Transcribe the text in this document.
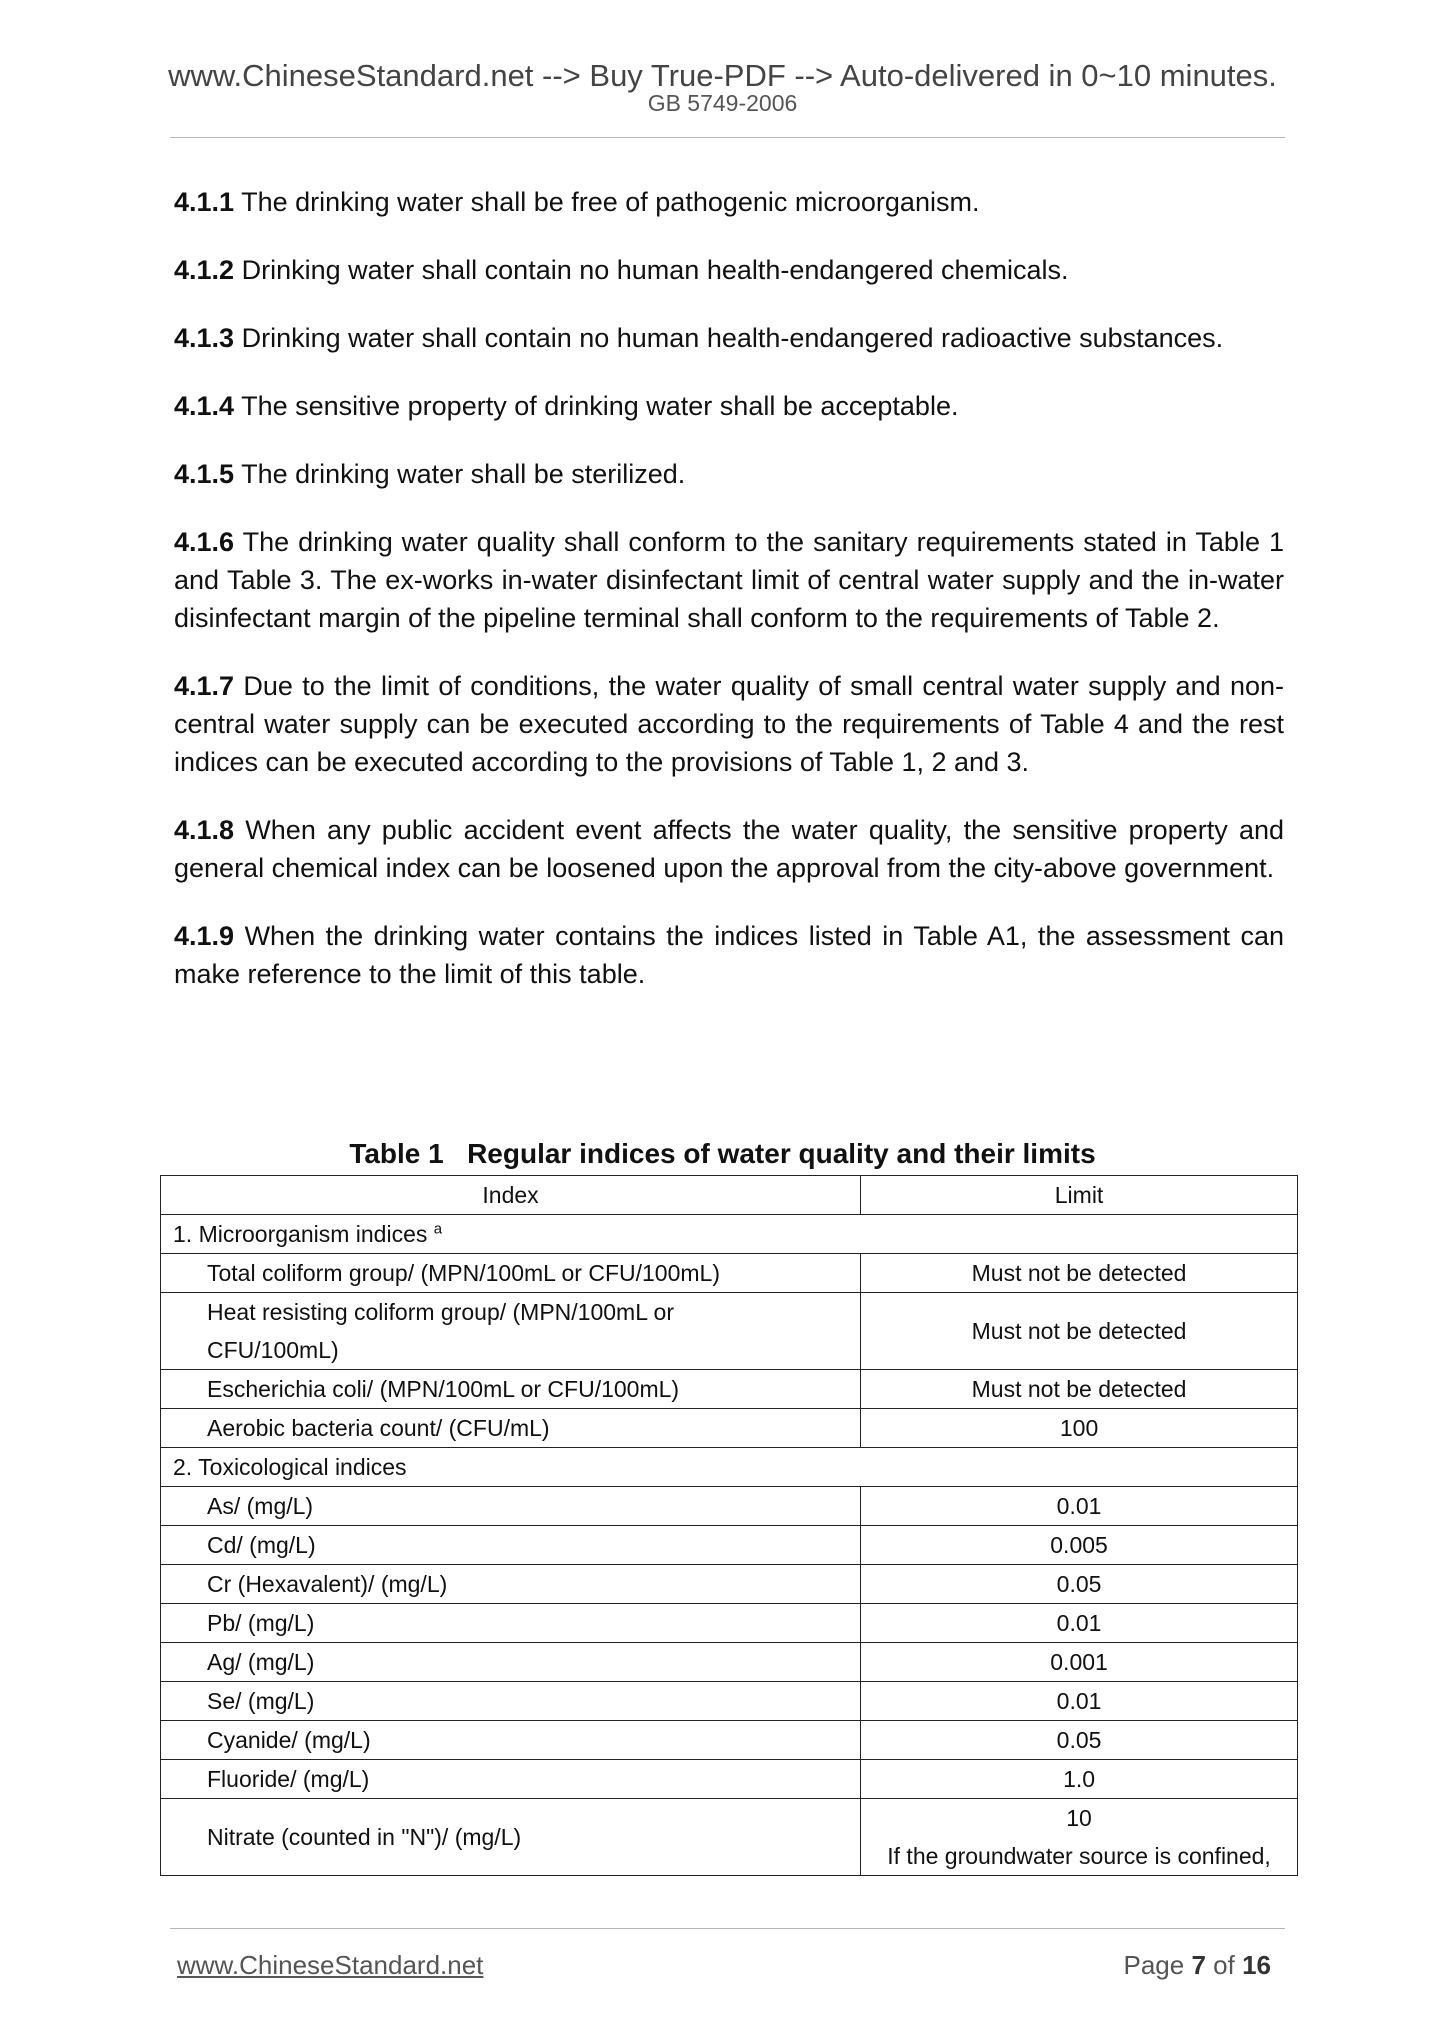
www.ChineseStandard.net --> Buy True-PDF --> Auto-delivered in 0~10 minutes.
GB 5749-2006

4.1.1 The drinking water shall be free of pathogenic microorganism.

4.1.2 Drinking water shall contain no human health-endangered chemicals.

4.1.3 Drinking water shall contain no human health-endangered radioactive substances.

4.1.4 The sensitive property of drinking water shall be acceptable.

4.1.5 The drinking water shall be sterilized.

4.1.6 The drinking water quality shall conform to the sanitary requirements stated in Table 1 and Table 3. The ex-works in-water disinfectant limit of central water supply and the in-water disinfectant margin of the pipeline terminal shall conform to the requirements of Table 2.

4.1.7 Due to the limit of conditions, the water quality of small central water supply and non-central water supply can be executed according to the requirements of Table 4 and the rest indices can be executed according to the provisions of Table 1, 2 and 3.

4.1.8 When any public accident event affects the water quality, the sensitive property and general chemical index can be loosened upon the approval from the city-above government.

4.1.9 When the drinking water contains the indices listed in Table A1, the assessment can make reference to the limit of this table.

Table 1 Regular indices of water quality and their limits
Index	Limit
1. Microorganism indices $^a$
Total coliform group/ (MPN/100mL or CFU/100mL)	Must not be detected

Heat resisting coliform group/ (MPN/100mL or
CFU/100mL)	Must not be detected
Escherichia coli/ (MPN/100mL or CFU/100mL)	Must not be detected
Aerobic bacteria count/ (CFU/mL)	100
2. Toxicological indices	
As/ (mg/L)	0.01
Cd/ (mg/L)	0.005
Cr (Hexavalent)/ (mg/L)	0.05
Pb/ (mg/L)	0.01
Ag/ (mg/L)	0.001
Se/ (mg/L)	0.01
Cyanide/ (mg/L)	0.05
Fluoride/ (mg/L)	1.0
Nitrate (counted in "N")/ (mg/L)	10
If the groundwater source is confined,
www.ChineseStandard.net	Page 7 of 16
